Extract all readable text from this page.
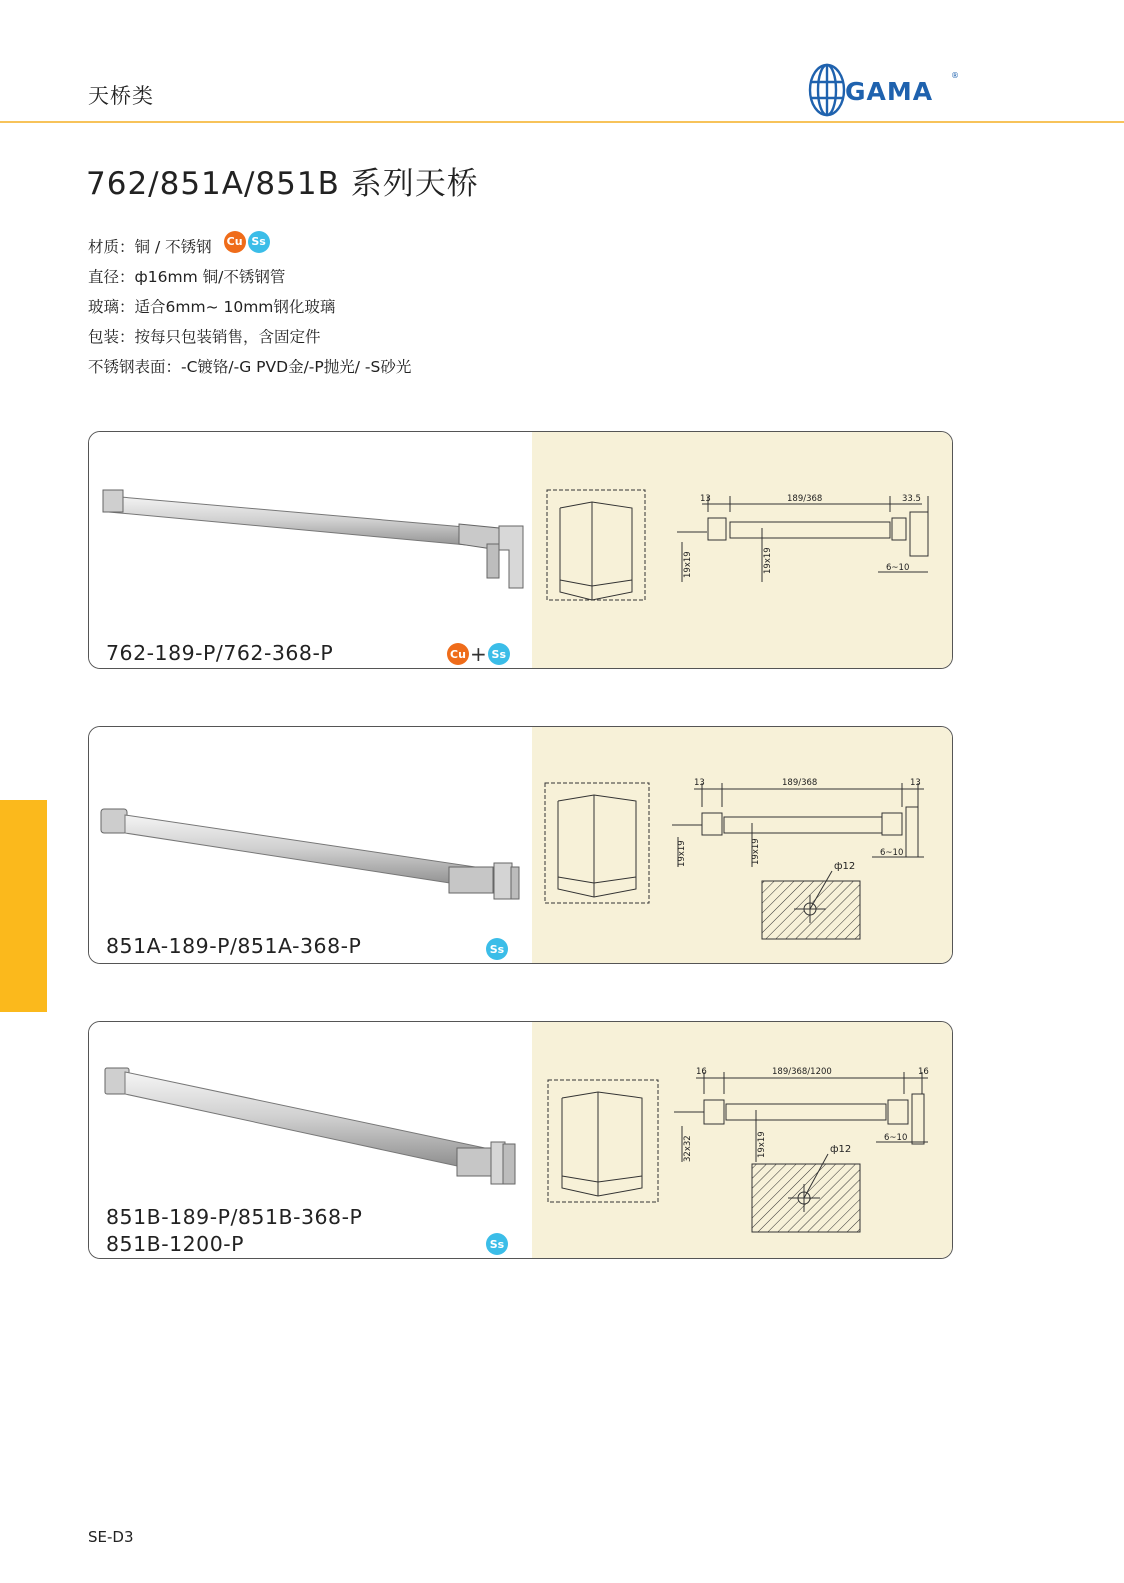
天桥类	GAMA
®
762/851A/851B 系列天桥
材质： 铜 / 不锈钢 Cu Ss
直径： ф16mm 铜/不锈钢管
玻璃： 适合6mm~ 10mm钢化玻璃
包装： 按每只包装销售，含固定件
不锈钢表面： -C镀铬/-G PVD金/-P抛光/ -S砂光
762-189-P/762-368-P	Cu + Ss
13	189/368	33.5
6~10
19x19	19x19
851A-189-P/851A-368-P	Ss
13	189/368	13
6~10
ф12
19x19	19x19
851B-189-P/851B-368-P
851B-1200-P	Ss
16	189/368/1200	16
6~10
ф12
32x32	19x19
SE-D3
